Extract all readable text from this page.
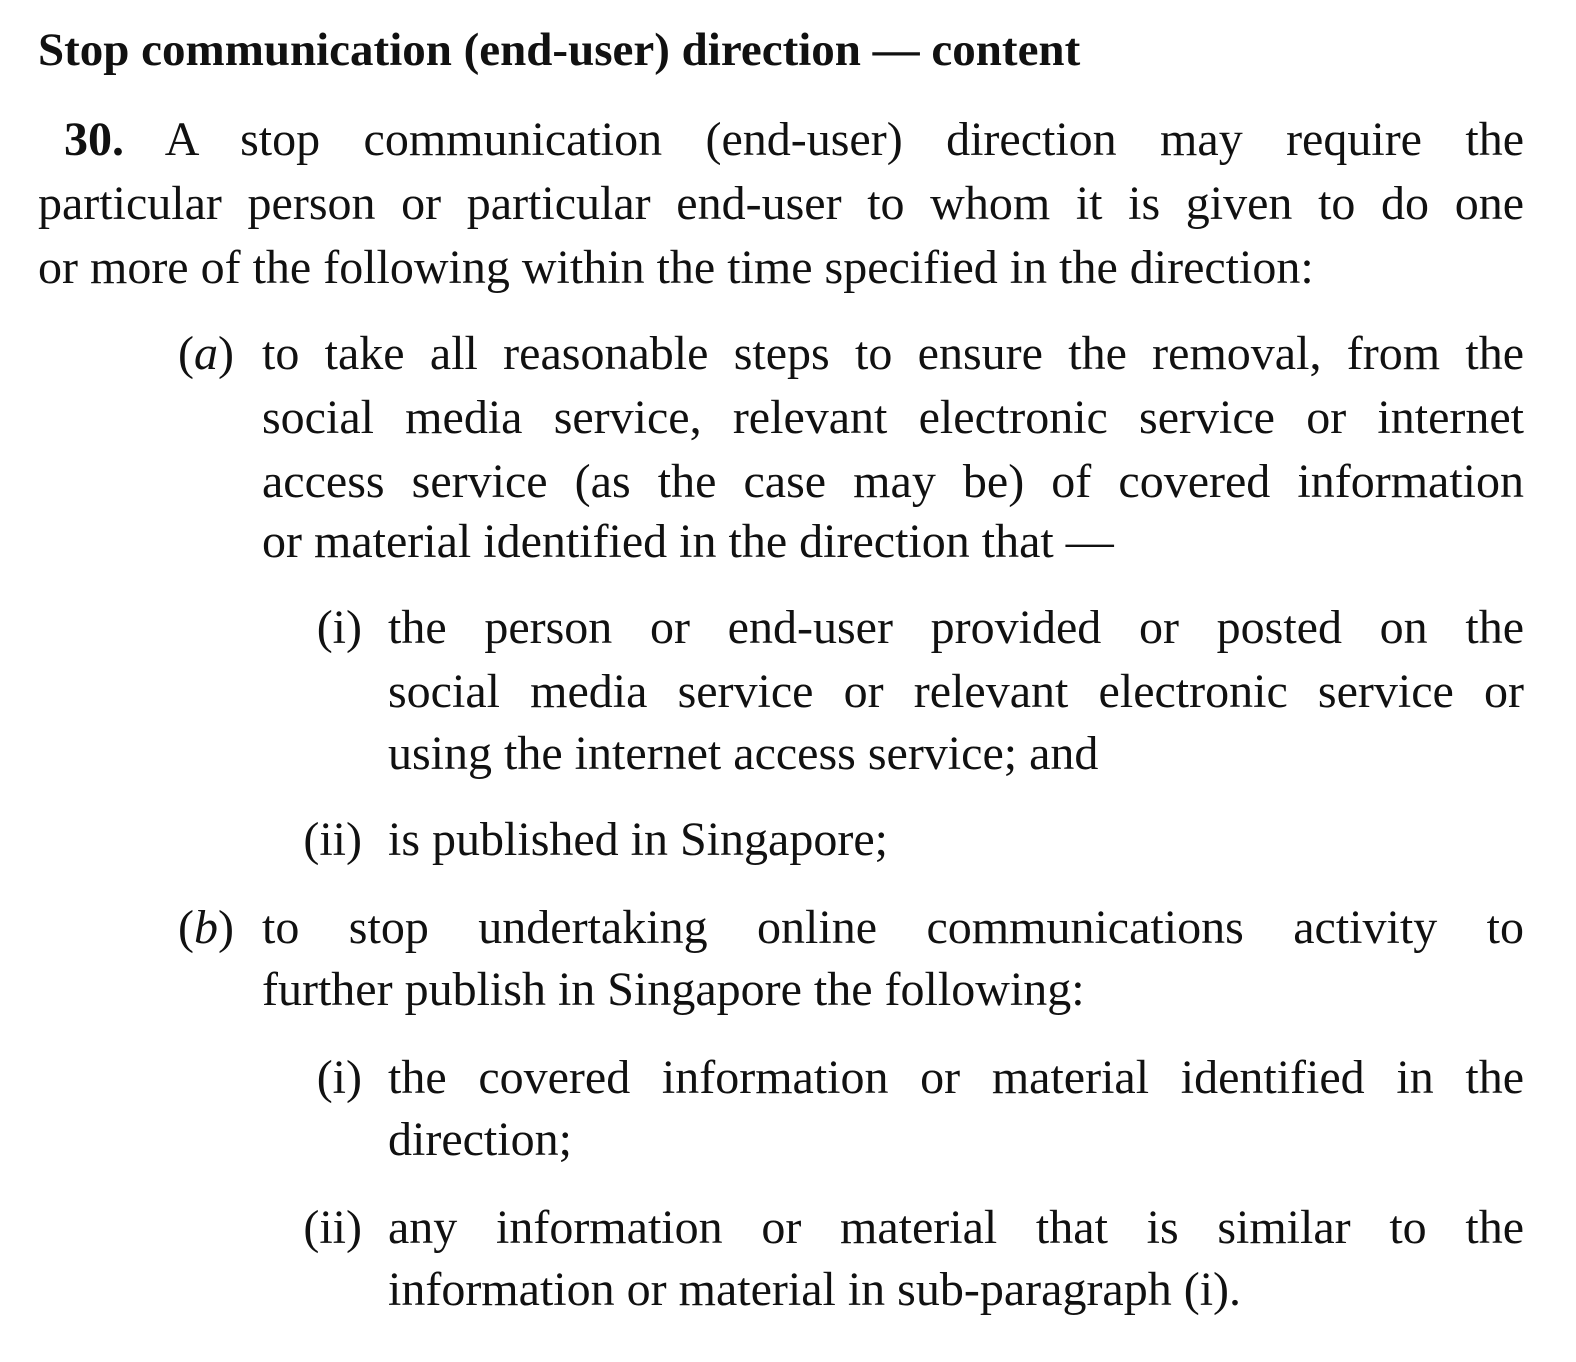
Stop communication (end-user) direction — content
30. A stop communication (end-user) direction may require the
particular person or particular end-user to whom it is given to do one
or more of the following within the time specified in the direction:
(a) to take all reasonable steps to ensure the removal, from the
social media service, relevant electronic service or internet
access service (as the case may be) of covered information
or material identified in the direction that —
(i) the person or end-user provided or posted on the
social media service or relevant electronic service or
using the internet access service; and
(ii) is published in Singapore;
(b) to stop undertaking online communications activity to
further publish in Singapore the following:
(i) the covered information or material identified in the
direction;
(ii) any information or material that is similar to the
information or material in sub-paragraph (i).
